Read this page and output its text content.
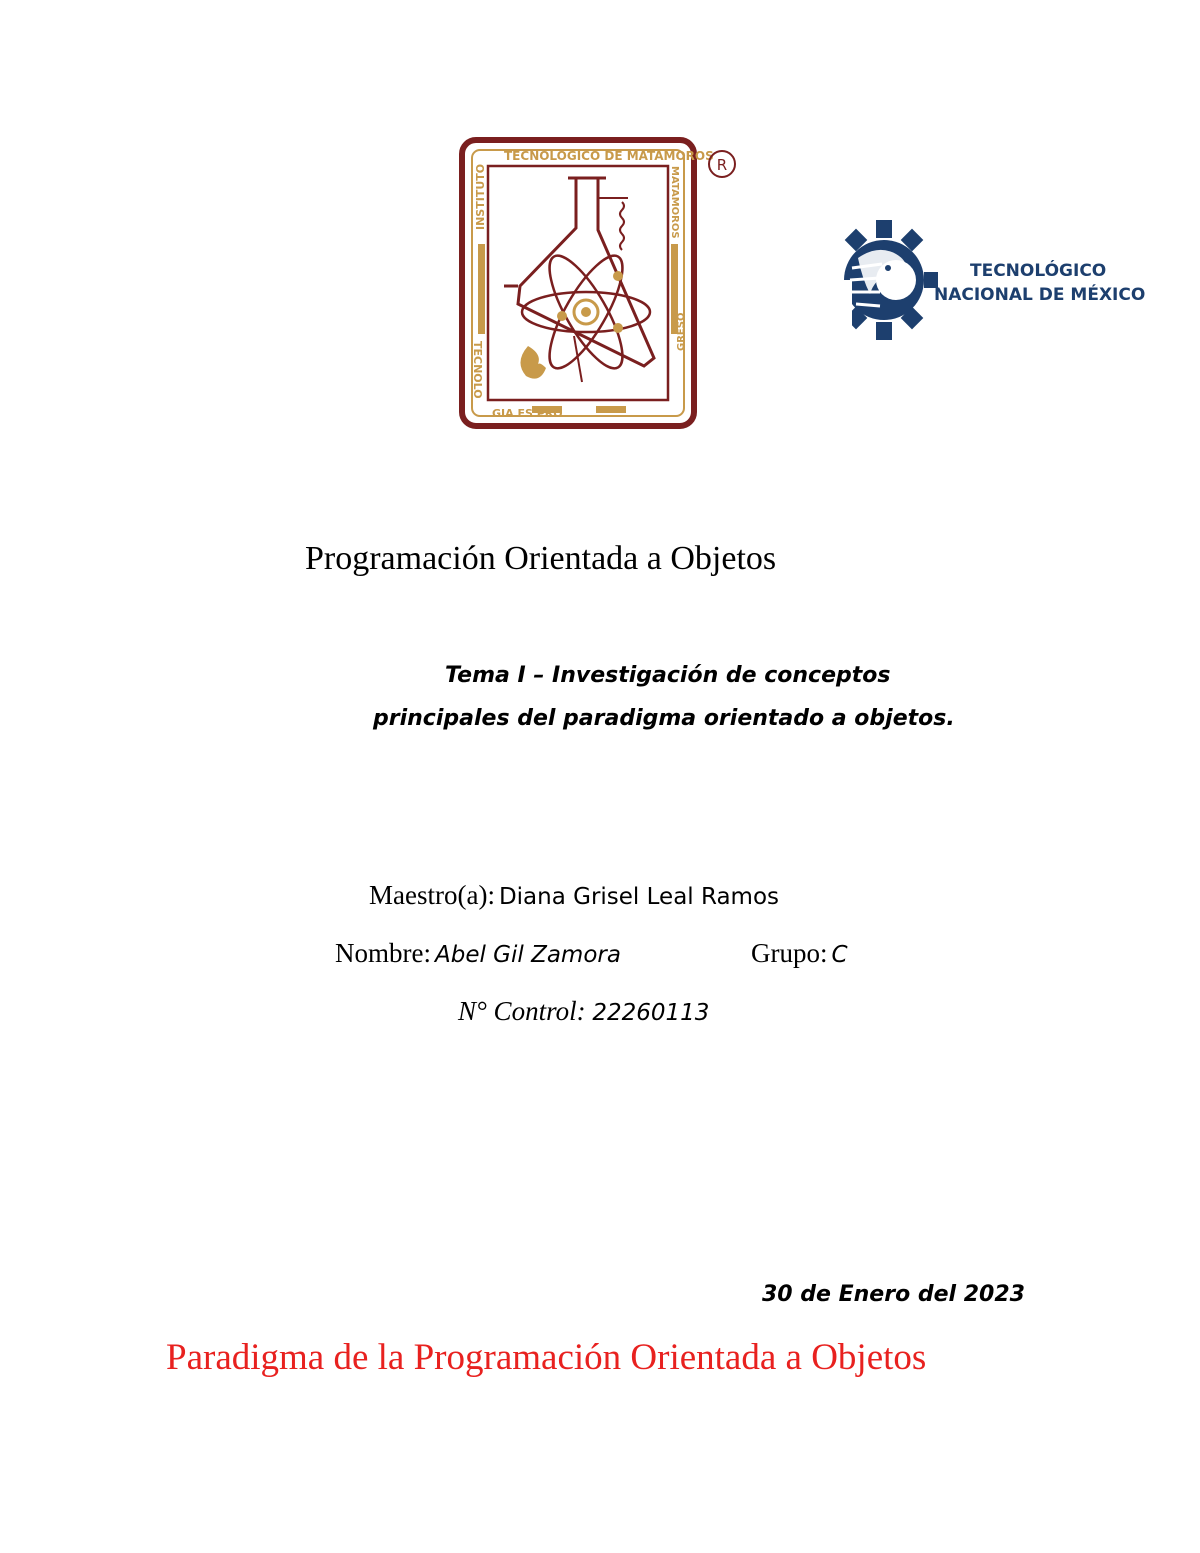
TECNOLOGICO DE MATAMOROS
INSTITUTO	MATAMOROS
TECNOLO
GIA ES PRO
GRESO
R
TECNOLÓGICO
NACIONAL DE MÉXICO
Programación Orientada a Objetos
Tema I – Investigación de conceptos
principales del paradigma orientado a objetos.
Maestro(a): Diana Grisel Leal Ramos
Nombre: Abel Gil Zamora	Grupo: C
N° Control: 22260113
30 de Enero del 2023
Paradigma de la Programación Orientada a Objetos
